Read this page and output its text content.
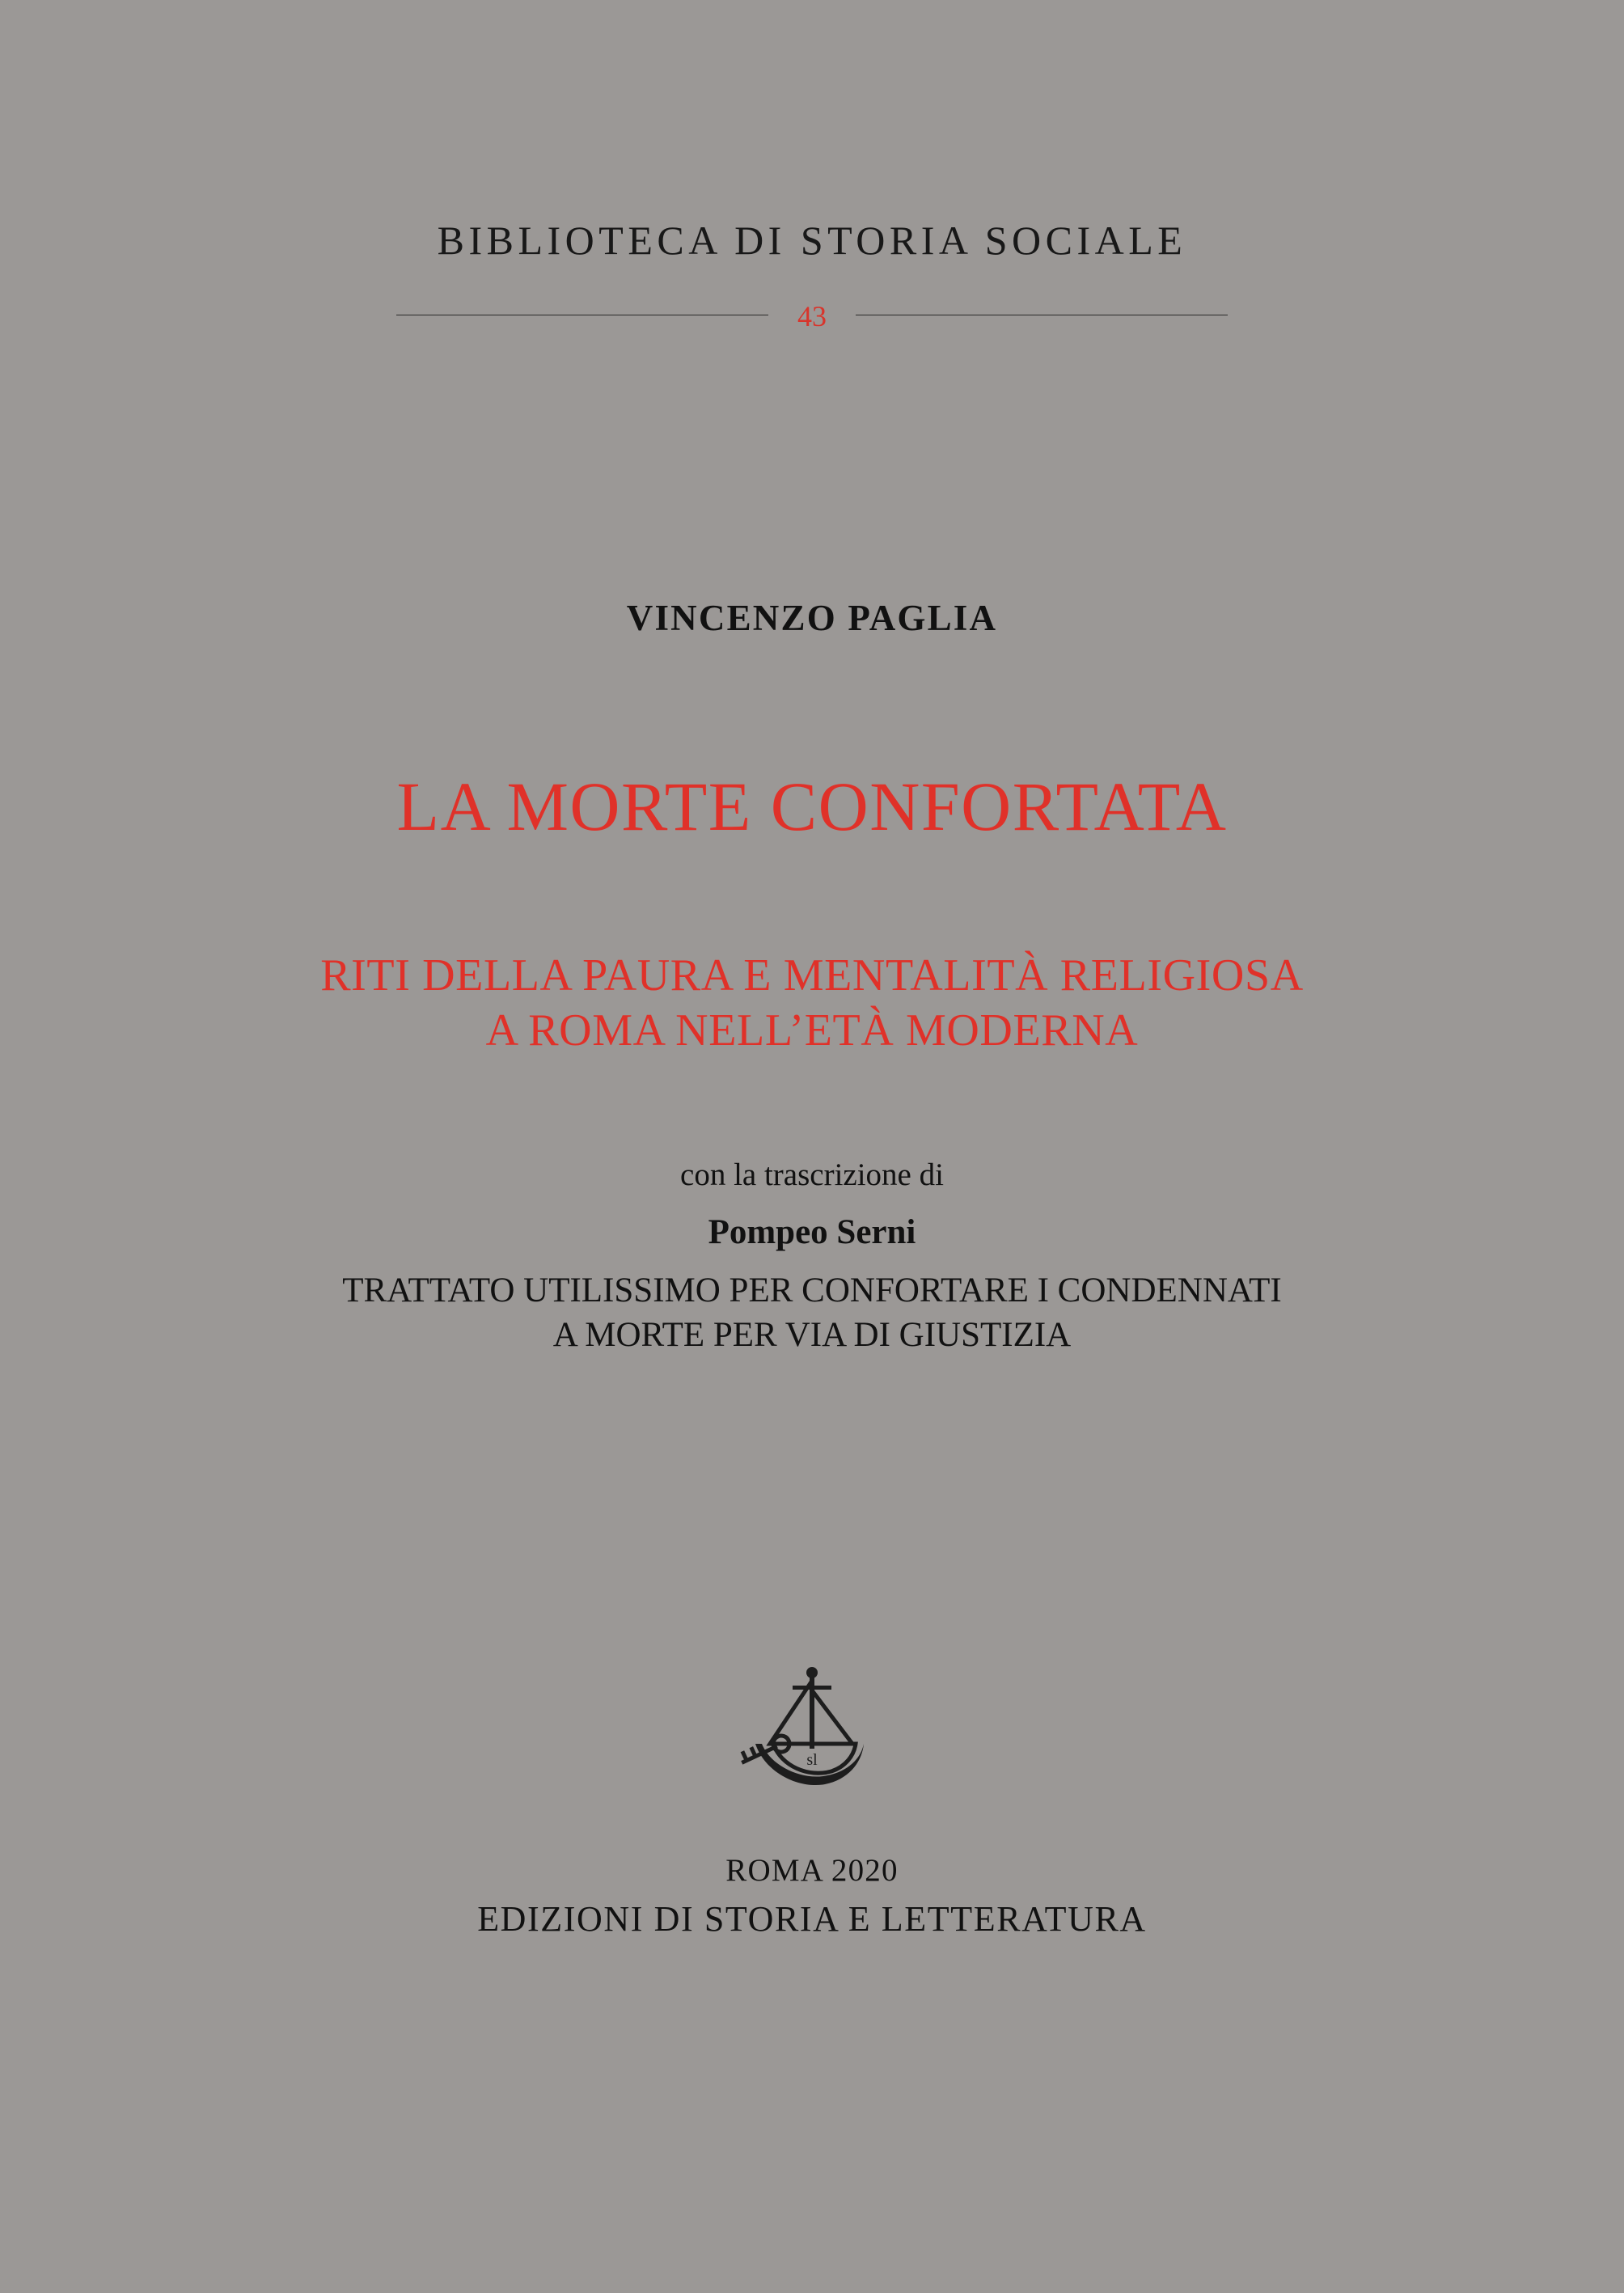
BIBLIOTECA DI STORIA SOCIALE
43
VINCENZO PAGLIA
LA MORTE CONFORTATA
RITI DELLA PAURA E MENTALITÀ RELIGIOSA
A ROMA NELL’ETÀ MODERNA
con la trascrizione di
Pompeo Serni
TRATTATO UTILISSIMO PER CONFORTARE I CONDENNATI
A MORTE PER VIA DI GIUSTIZIA
sl
ROMA 2020
EDIZIONI DI STORIA E LETTERATURA
